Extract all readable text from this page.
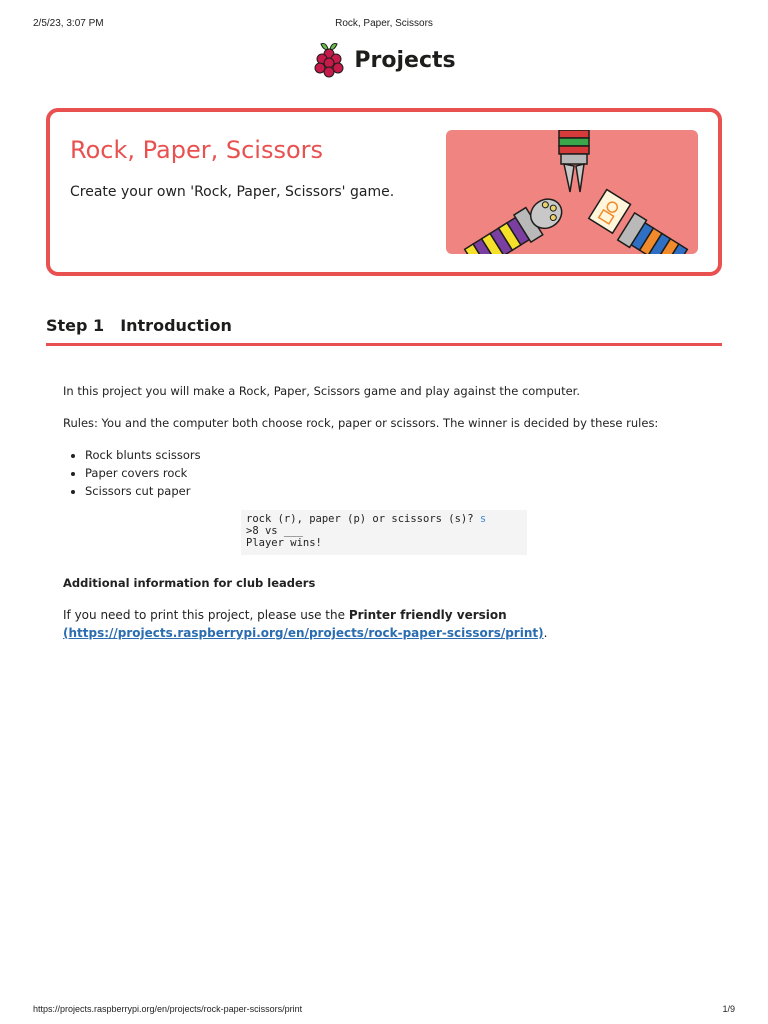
2/5/23, 3:07 PM	Rock, Paper, Scissors
Projects
Rock, Paper, Scissors
Create your own 'Rock, Paper, Scissors' game.
Step 1 Introduction

In this project you will make a Rock, Paper, Scissors game and play against the computer.

Rules: You and the computer both choose rock, paper or scissors. The winner is decided by these rules:

• Rock blunts scissors
• Paper covers rock
• Scissors cut paper
rock (r), paper (p) or scissors (s)? s
>8 vs ___
Player wins!
Additional information for club leaders

If you need to print this project, please use the Printer friendly version (https://projects.raspberrypi.org/en/projects/rock-paper-scissors/print).

https://projects.raspberrypi.org/en/projects/rock-paper-scissors/print	1/9
